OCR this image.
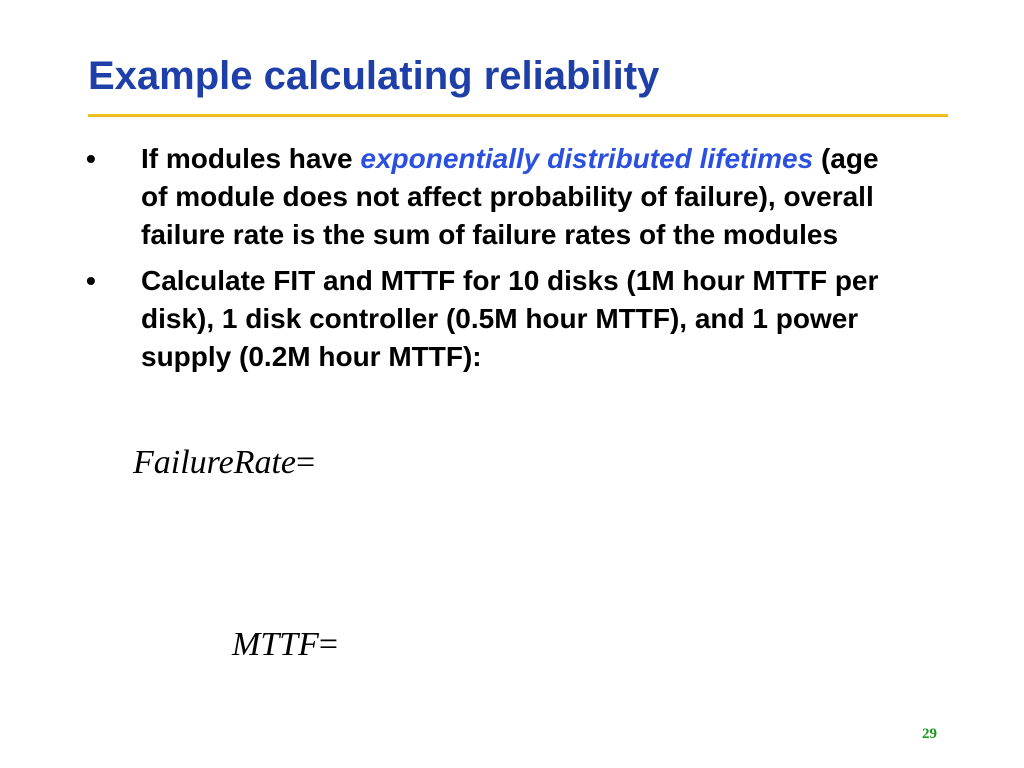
Example calculating reliability
• If modules have exponentially distributed lifetimes (age of module does not affect probability of failure), overall failure rate is the sum of failure rates of the modules
• Calculate FIT and MTTF for 10 disks (1M hour MTTF per disk), 1 disk controller (0.5M hour MTTF), and 1 power supply (0.2M hour MTTF):
FailureRate=
MTTF=
29
